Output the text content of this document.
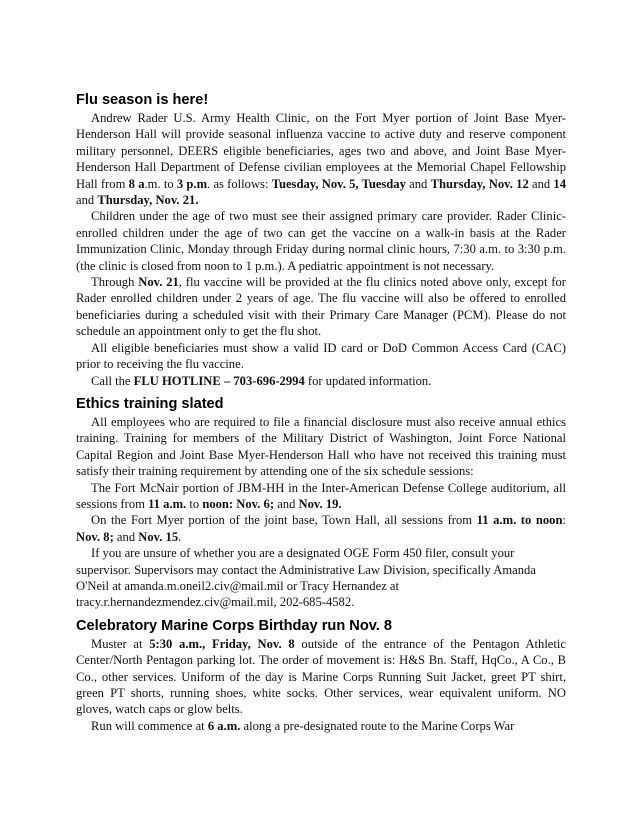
Flu season is here!

Andrew Rader U.S. Army Health Clinic, on the Fort Myer portion of Joint Base Myer-Henderson Hall will provide seasonal influenza vaccine to active duty and reserve component military personnel, DEERS eligible beneficiaries, ages two and above, and Joint Base Myer-Henderson Hall Department of Defense civilian employees at the Memorial Chapel Fellowship Hall from 8 a.m. to 3 p.m. as follows: Tuesday, Nov. 5, Tuesday and Thursday, Nov. 12 and 14 and Thursday, Nov. 21.

Children under the age of two must see their assigned primary care provider. Rader Clinic-enrolled children under the age of two can get the vaccine on a walk-in basis at the Rader Immunization Clinic, Monday through Friday during normal clinic hours, 7:30 a.m. to 3:30 p.m. (the clinic is closed from noon to 1 p.m.). A pediatric appointment is not necessary.

Through Nov. 21, flu vaccine will be provided at the flu clinics noted above only, except for Rader enrolled children under 2 years of age. The flu vaccine will also be offered to enrolled beneficiaries during a scheduled visit with their Primary Care Manager (PCM). Please do not schedule an appointment only to get the flu shot.

All eligible beneficiaries must show a valid ID card or DoD Common Access Card (CAC) prior to receiving the flu vaccine.

Call the FLU HOTLINE – 703-696-2994 for updated information.

Ethics training slated

All employees who are required to file a financial disclosure must also receive annual ethics training. Training for members of the Military District of Washington, Joint Force National Capital Region and Joint Base Myer-Henderson Hall who have not received this training must satisfy their training requirement by attending one of the six schedule sessions:

The Fort McNair portion of JBM-HH in the Inter-American Defense College auditorium, all sessions from 11 a.m. to noon: Nov. 6; and Nov. 19.

On the Fort Myer portion of the joint base, Town Hall, all sessions from 11 a.m. to noon: Nov. 8; and Nov. 15.

If you are unsure of whether you are a designated OGE Form 450 filer, consult your supervisor. Supervisors may contact the Administrative Law Division, specifically Amanda O'Neil at amanda.m.oneil2.civ@mail.mil or Tracy Hernandez at tracy.r.hernandezmendez.civ@mail.mil, 202-685-4582.

Celebratory Marine Corps Birthday run Nov. 8

Muster at 5:30 a.m., Friday, Nov. 8 outside of the entrance of the Pentagon Athletic Center/North Pentagon parking lot. The order of movement is: H&S Bn. Staff, HqCo., A Co., B Co., other services. Uniform of the day is Marine Corps Running Suit Jacket, greet PT shirt, green PT shorts, running shoes, white socks. Other services, wear equivalent uniform. NO gloves, watch caps or glow belts.

Run will commence at 6 a.m. along a pre-designated route to the Marine Corps War
